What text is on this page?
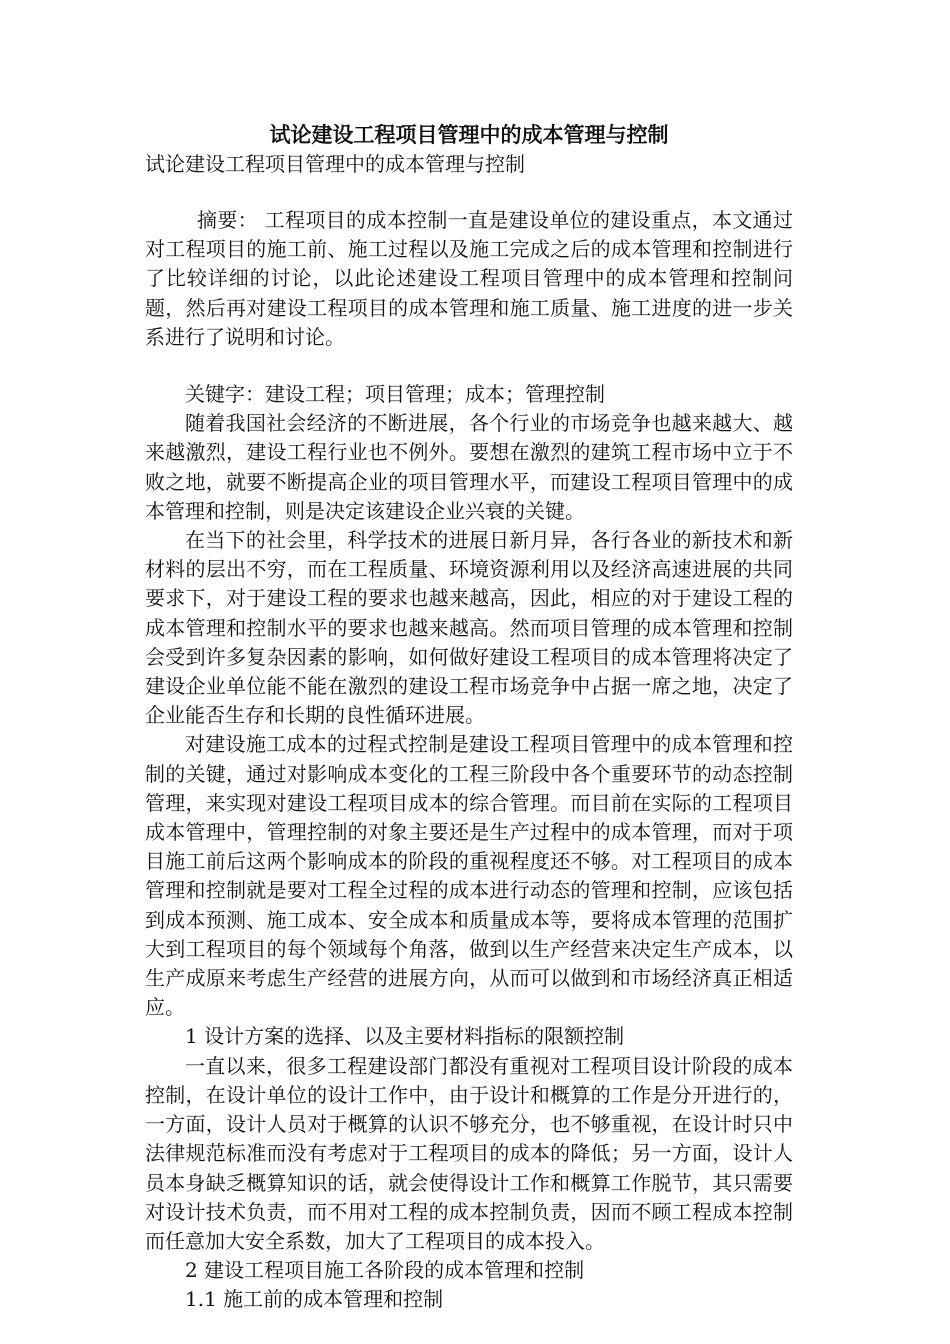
试论建设工程项目管理中的成本管理与控制

试论建设工程项目管理中的成本管理与控制

摘要： 工程项目的成本控制一直是建设单位的建设重点，本文通过对工程项目的施工前、施工过程以及施工完成之后的成本管理和控制进行了比较详细的讨论，以此论述建设工程项目管理中的成本管理和控制问题，然后再对建设工程项目的成本管理和施工质量、施工进度的进一步关系进行了说明和讨论。

关键字：建设工程；项目管理；成本；管理控制

随着我国社会经济的不断进展，各个行业的市场竞争也越来越大、越来越激烈，建设工程行业也不例外。要想在激烈的建筑工程市场中立于不败之地，就要不断提高企业的项目管理水平，而建设工程项目管理中的成本管理和控制，则是决定该建设企业兴衰的关键。

在当下的社会里，科学技术的进展日新月异，各行各业的新技术和新材料的层出不穷，而在工程质量、环境资源利用以及经济高速进展的共同要求下，对于建设工程的要求也越来越高，因此，相应的对于建设工程的成本管理和控制水平的要求也越来越高。然而项目管理的成本管理和控制会受到许多复杂因素的影响，如何做好建设工程项目的成本管理将决定了建设企业单位能不能在激烈的建设工程市场竞争中占据一席之地，决定了企业能否生存和长期的良性循环进展。

对建设施工成本的过程式控制是建设工程项目管理中的成本管理和控制的关键，通过对影响成本变化的工程三阶段中各个重要环节的动态控制管理，来实现对建设工程项目成本的综合管理。而目前在实际的工程项目成本管理中，管理控制的对象主要还是生产过程中的成本管理，而对于项目施工前后这两个影响成本的阶段的重视程度还不够。对工程项目的成本管理和控制就是要对工程全过程的成本进行动态的管理和控制，应该包括到成本预测、施工成本、安全成本和质量成本等，要将成本管理的范围扩大到工程项目的每个领域每个角落，做到以生产经营来决定生产成本，以生产成原来考虑生产经营的进展方向，从而可以做到和市场经济真正相适应。

1 设计方案的选择、以及主要材料指标的限额控制

一直以来，很多工程建设部门都没有重视对工程项目设计阶段的成本控制，在设计单位的设计工作中，由于设计和概算的工作是分开进行的，一方面，设计人员对于概算的认识不够充分，也不够重视，在设计时只中法律规范标准而没有考虑对于工程项目的成本的降低；另一方面，设计人员本身缺乏概算知识的话，就会使得设计工作和概算工作脱节，其只需要对设计技术负责，而不用对工程的成本控制负责，因而不顾工程成本控制而任意加大安全系数，加大了工程项目的成本投入。

2 建设工程项目施工各阶段的成本管理和控制

1.1 施工前的成本管理和控制
